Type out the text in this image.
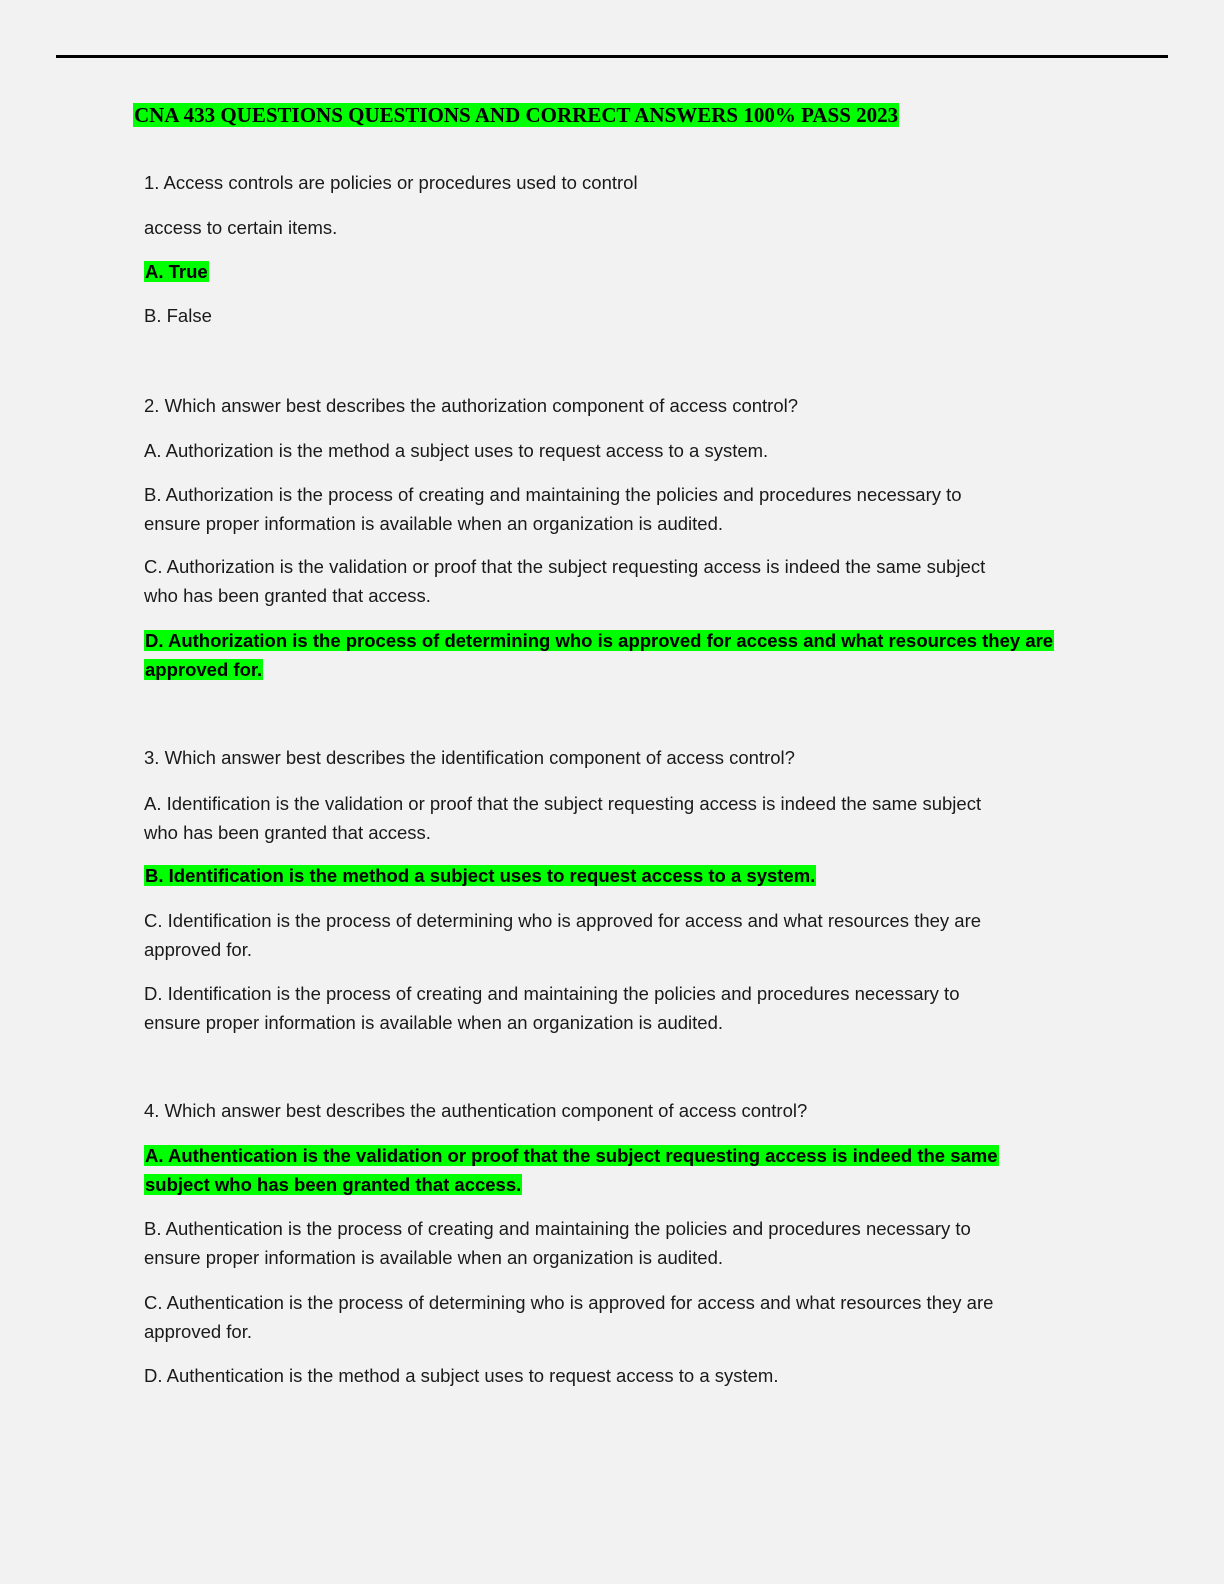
CNA 433 QUESTIONS QUESTIONS AND CORRECT ANSWERS 100% PASS 2023

1. Access controls are policies or procedures used to control

access to certain items.

A. True

B. False

2. Which answer best describes the authorization component of access control?

A. Authorization is the method a subject uses to request access to a system.

B. Authorization is the process of creating and maintaining the policies and procedures necessary to
ensure proper information is available when an organization is audited.
C. Authorization is the validation or proof that the subject requesting access is indeed the same subject
who has been granted that access.
D. Authorization is the process of determining who is approved for access and what resources they are
approved for.

3. Which answer best describes the identification component of access control?

A. Identification is the validation or proof that the subject requesting access is indeed the same subject
who has been granted that access.

B. Identification is the method a subject uses to request access to a system.

C. Identification is the process of determining who is approved for access and what resources they are
approved for.
D. Identification is the process of creating and maintaining the policies and procedures necessary to
ensure proper information is available when an organization is audited.

4. Which answer best describes the authentication component of access control?

A. Authentication is the validation or proof that the subject requesting access is indeed the same
subject who has been granted that access.
B. Authentication is the process of creating and maintaining the policies and procedures necessary to
ensure proper information is available when an organization is audited.
C. Authentication is the process of determining who is approved for access and what resources they are
approved for.

D. Authentication is the method a subject uses to request access to a system.
